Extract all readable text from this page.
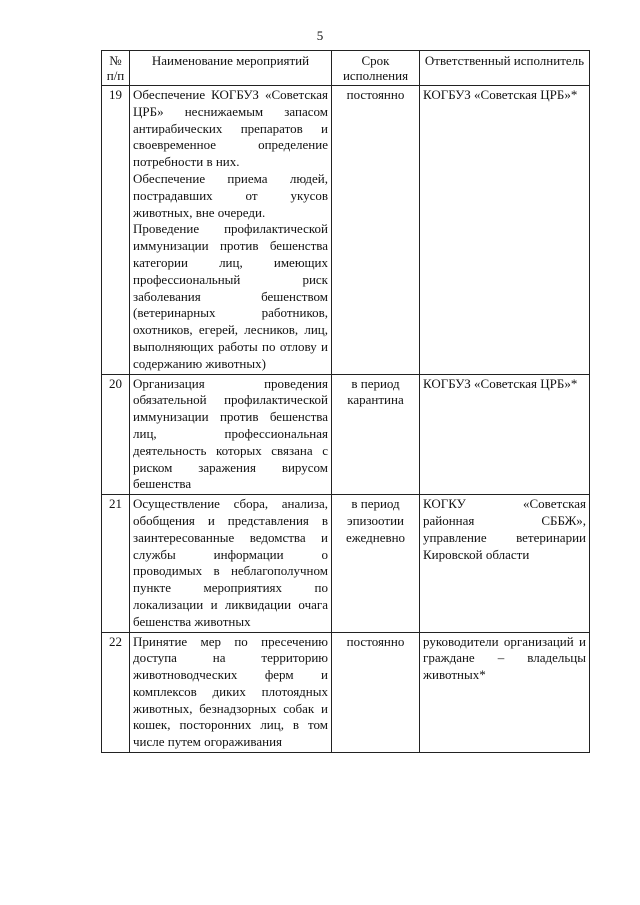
5
№ п/п	Наименование мероприятий	Срок исполнения	Ответственный исполнитель
19	Обеспечение КОГБУЗ «Советская ЦРБ» неснижаемым запасом антирабических препаратов и своевременное определение потребности в них.

Обеспечение приема людей, пострадавших от укусов животных, вне очереди.

Проведение профилактической иммунизации против бешенства категории лиц, имеющих профессиональный риск заболевания бешенством (ветеринарных работников, охотников, егерей, лесников, лиц, выполняющих работы по отлову и содержанию животных)	постоянно	КОГБУЗ «Советская ЦРБ»*
20	Организация проведения обязательной профилактической иммунизации против бешенства лиц, профессиональная деятельность которых связана с риском заражения вирусом бешенства	в период карантина	КОГБУЗ «Советская ЦРБ»*
21	Осуществление сбора, анализа, обобщения и представления в заинтересованные ведомства и службы информации о проводимых в неблагополучном пункте мероприятиях по локализации и ликвидации очага бешенства животных	в период эпизоотии ежедневно	КОГКУ «Советская районная СББЖ», управление ветеринарии Кировской области
22	Принятие мер по пресечению доступа на территорию животноводческих ферм и комплексов диких плотоядных животных, безнадзорных собак и кошек, посторонних лиц, в том числе путем огораживания	постоянно	руководители организаций и граждане – владельцы животных*
